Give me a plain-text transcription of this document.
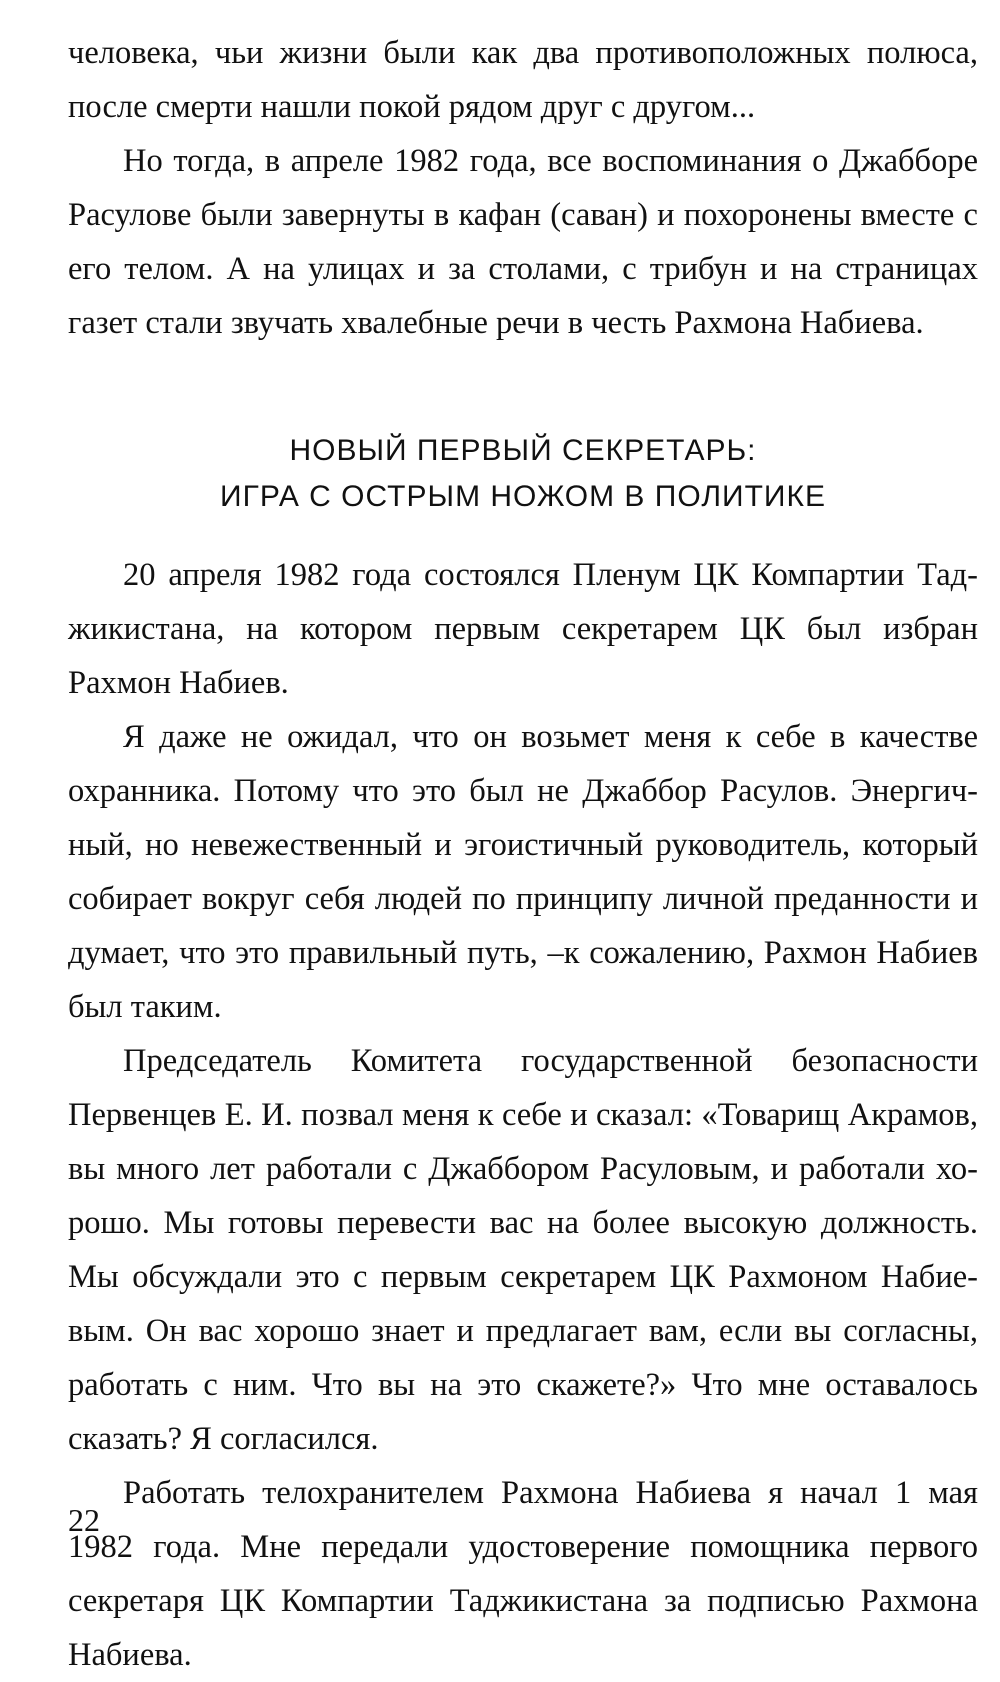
человека, чьи жизни были как два противоположных полюса, после смерти нашли покой рядом друг с другом...

Но тогда, в апреле 1982 года, все воспоминания о Джабборе Расулове были завернуты в кафан (саван) и похоронены вместе с его телом. А на улицах и за столами, с трибун и на страницах газет стали звучать хвалебные речи в честь Рахмона Набиева.

НОВЫЙ ПЕРВЫЙ СЕКРЕТАРЬ:
ИГРА С ОСТРЫМ НОЖОМ В ПОЛИТИКЕ

20 апреля 1982 года состоялся Пленум ЦК Компартии Таджикистана, на котором первым секретарем ЦК был избран Рахмон Набиев.

Я даже не ожидал, что он возьмет меня к себе в качестве охранника. Потому что это был не Джаббор Расулов. Энергичный, но невежественный и эгоистичный руководитель, который собирает вокруг себя людей по принципу личной преданности и думает, что это правильный путь, –к сожалению, Рахмон Набиев был таким.

Председатель Комитета государственной безопасности Первенцев Е. И. позвал меня к себе и сказал: «Товарищ Акрамов, вы много лет работали с Джаббором Расуловым, и работали хорошо. Мы готовы перевести вас на более высокую должность. Мы обсуждали это с первым секретарем ЦК Рахмоном Набиевым. Он вас хорошо знает и предлагает вам, если вы согласны, работать с ним. Что вы на это скажете?» Что мне оставалось сказать? Я согласился.

Работать телохранителем Рахмона Набиева я начал 1 мая 1982 года. Мне передали удостоверение помощника первого секретаря ЦК Компартии Таджикистана за подписью Рахмона Набиева.

22
